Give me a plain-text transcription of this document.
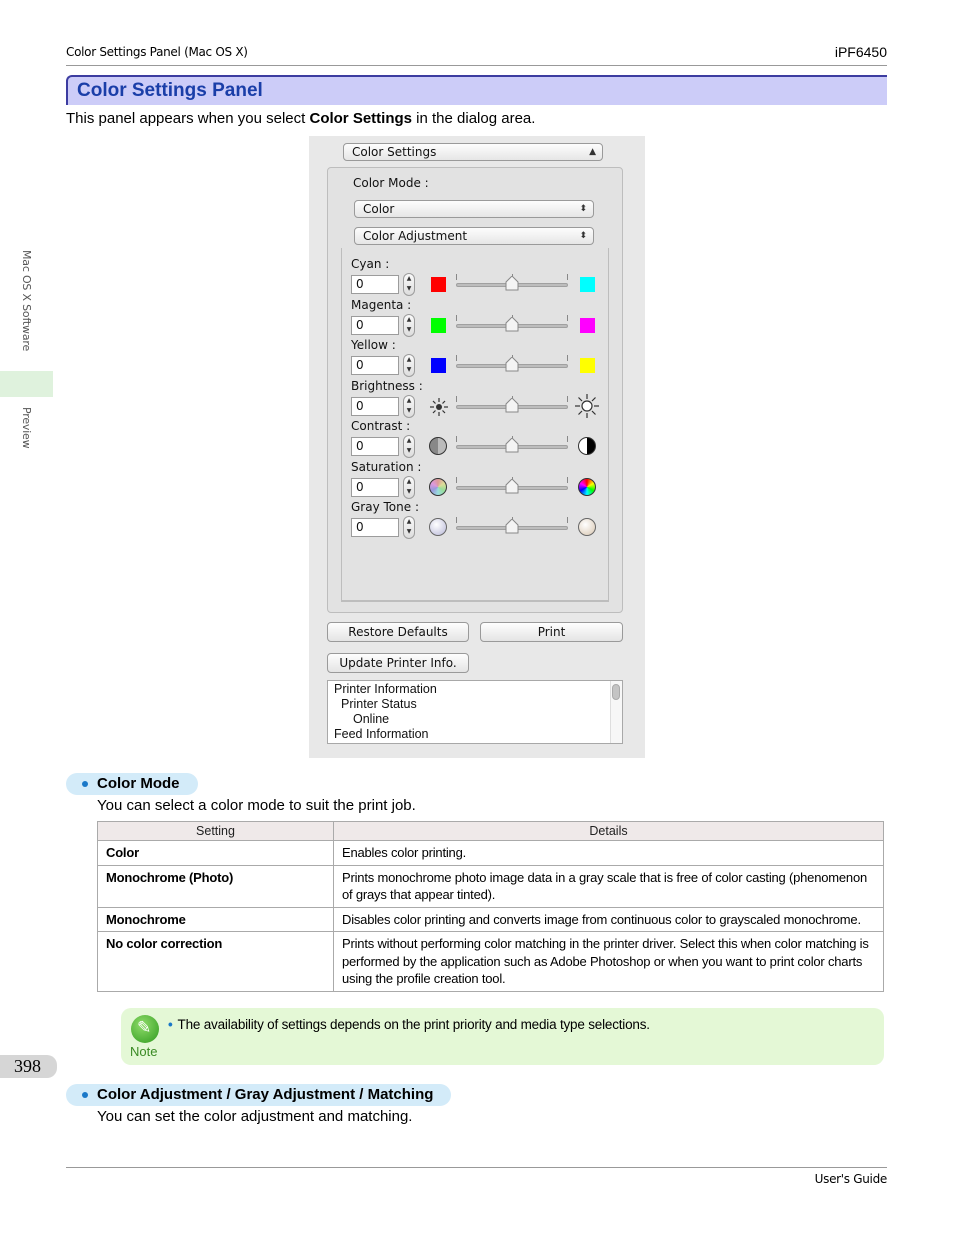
Color Settings Panel (Mac OS X)	iPF6450
Mac OS X Software
Preview
Color Settings Panel
This panel appears when you select Color Settings in the dialog area.
Color Settings	▲

Color Mode :
Color	⬍
Color Adjustment	⬍
Cyan :
0	▲
▼
Magenta :
0	▲
▼
Yellow :
0	▲
▼
Brightness :
0	▲
▼
Contrast :
0	▲
▼
Saturation :
0	▲
▼
Gray Tone :
0	▲
▼
Restore Defaults	Print
Update Printer Info.
Printer Information
Printer Status
Online
Feed Information
Color Mode
You can select a color mode to suit the print job.
Setting	Details
Color	Enables color printing.
Monochrome (Photo)	Prints monochrome photo image data in a gray scale that is free of color casting (phenomenon of grays that appear tinted).
Monochrome	Disables color printing and converts image from continuous color to grayscaled monochrome.
No color correction	Prints without performing color matching in the printer driver. Select this when color matching is performed by the application such as Adobe Photoshop or when you want to print color charts using the profile creation tool.
✎
Note
• The availability of settings depends on the print priority and media type selections.
398
Color Adjustment / Gray Adjustment / Matching
You can set the color adjustment and matching.
User's Guide
